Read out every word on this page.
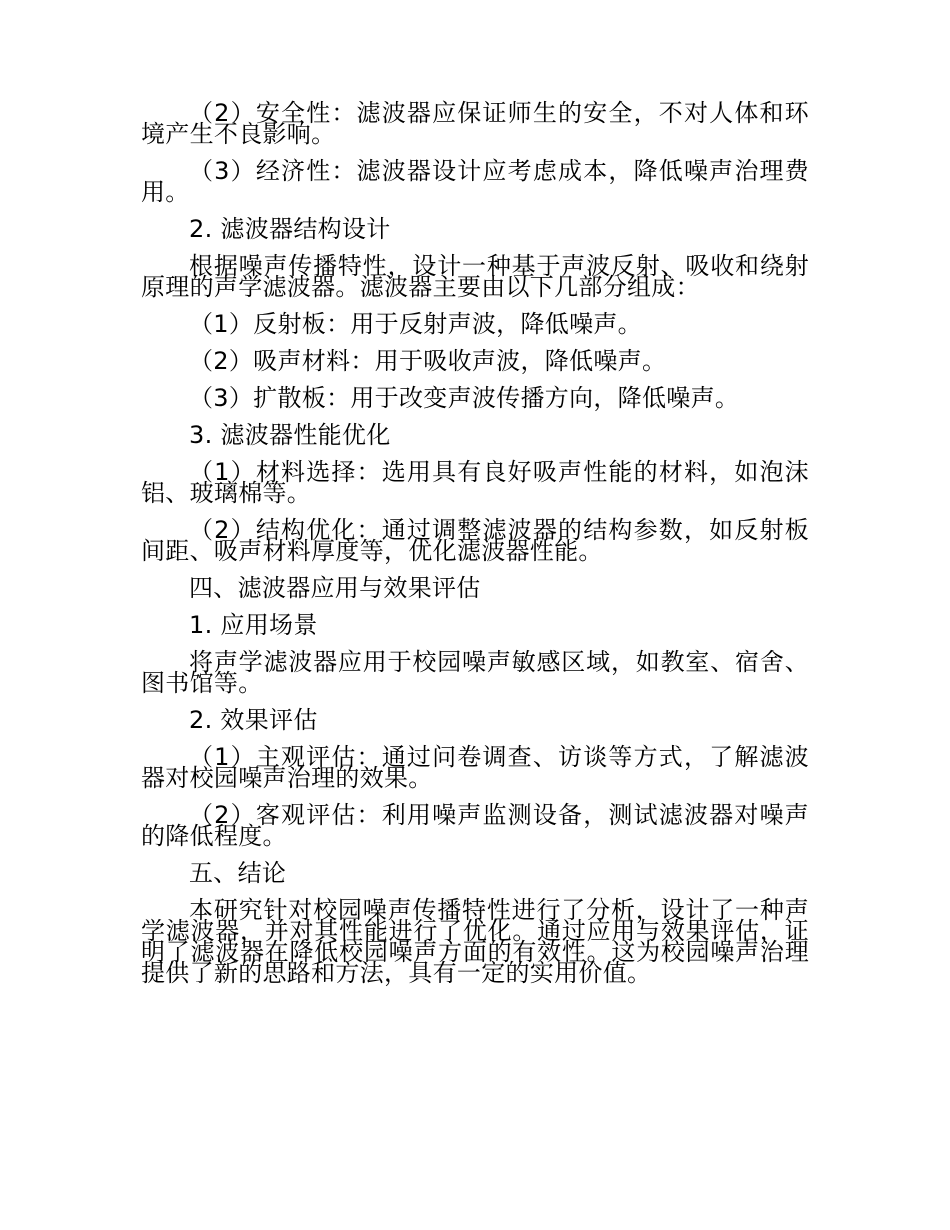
（2）安全性：滤波器应保证师生的安全，不对人体和环境产生不良影响。

（3）经济性：滤波器设计应考虑成本，降低噪声治理费用。

2. 滤波器结构设计

根据噪声传播特性，设计一种基于声波反射、吸收和绕射原理的声学滤波器。滤波器主要由以下几部分组成：

（1）反射板：用于反射声波，降低噪声。

（2）吸声材料：用于吸收声波，降低噪声。

（3）扩散板：用于改变声波传播方向，降低噪声。

3. 滤波器性能优化

（1）材料选择：选用具有良好吸声性能的材料，如泡沫铝、玻璃棉等。

（2）结构优化：通过调整滤波器的结构参数，如反射板间距、吸声材料厚度等，优化滤波器性能。

四、滤波器应用与效果评估

1. 应用场景

将声学滤波器应用于校园噪声敏感区域，如教室、宿舍、图书馆等。

2. 效果评估

（1）主观评估：通过问卷调查、访谈等方式，了解滤波器对校园噪声治理的效果。

（2）客观评估：利用噪声监测设备，测试滤波器对噪声的降低程度。

五、结论

本研究针对校园噪声传播特性进行了分析，设计了一种声学滤波器，并对其性能进行了优化。通过应用与效果评估，证明了滤波器在降低校园噪声方面的有效性。这为校园噪声治理提供了新的思路和方法，具有一定的实用价值。
